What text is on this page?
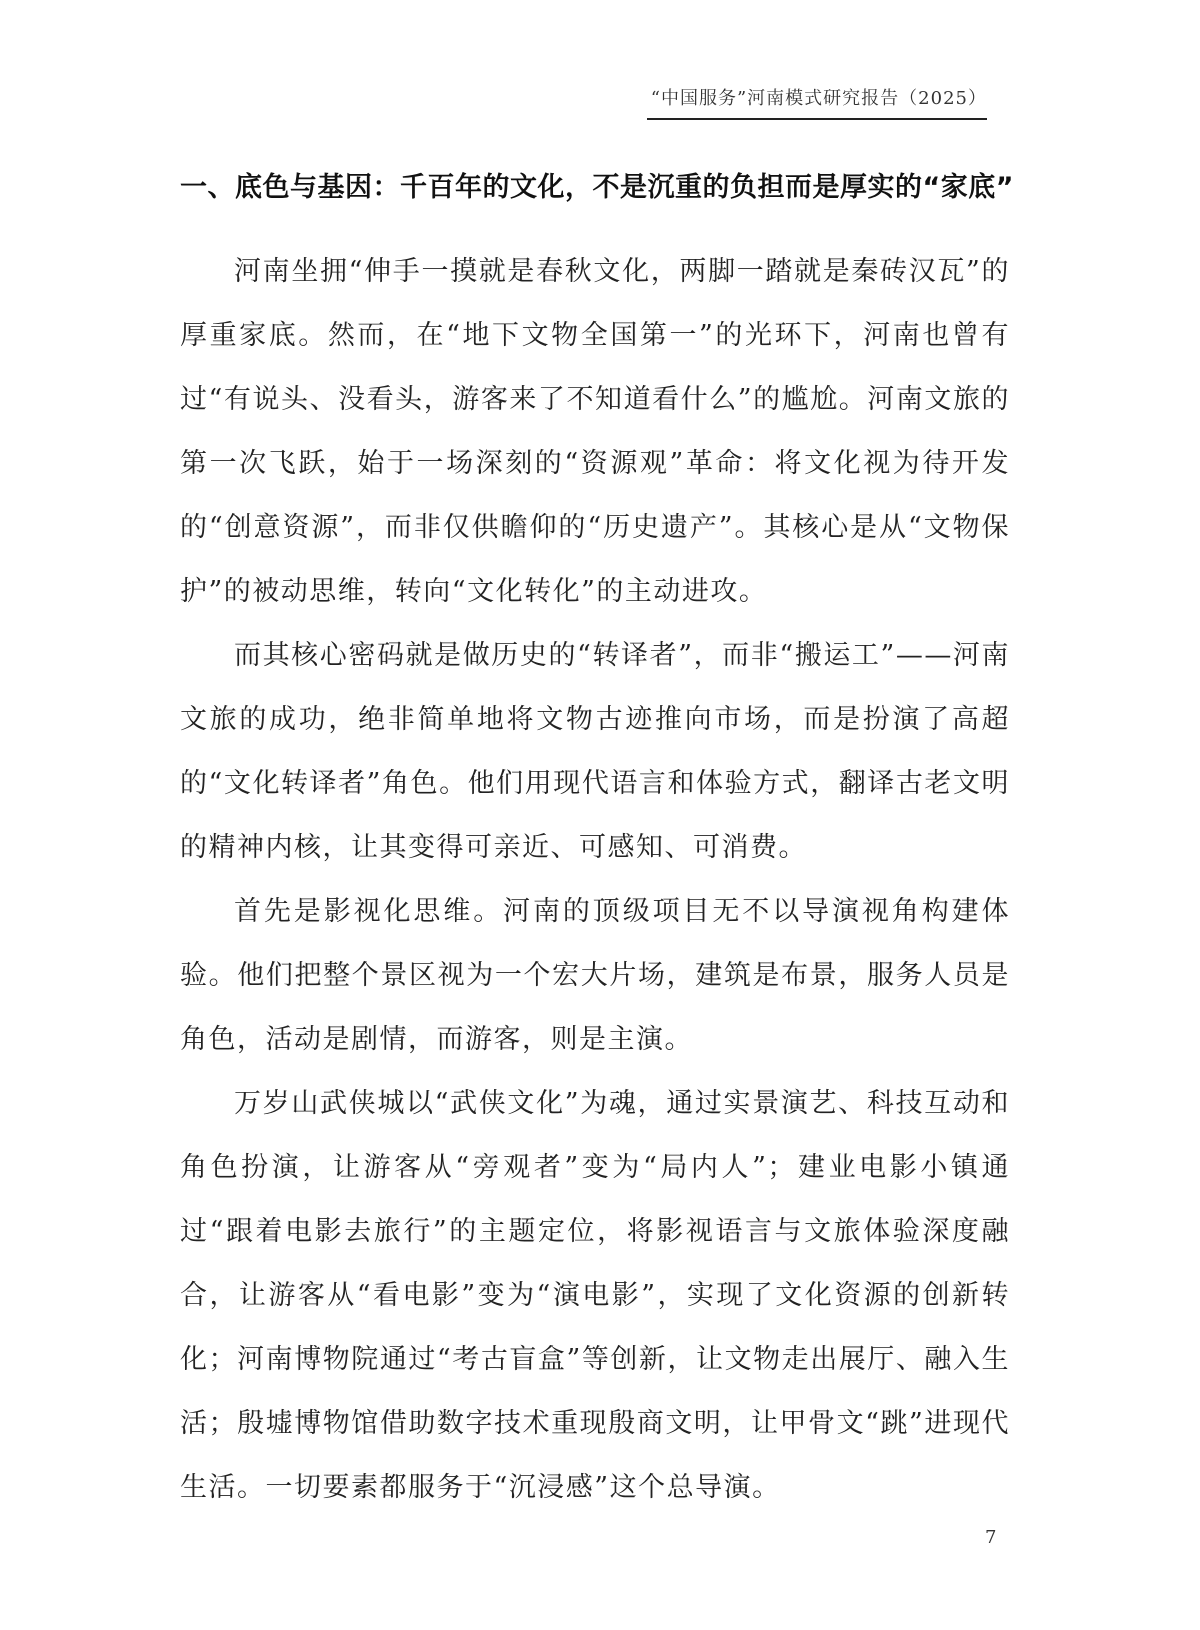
“中国服务”河南模式研究报告（2025）
一、底色与基因：千百年的文化，不是沉重的负担而是厚实的“家底”

河南坐拥“伸手一摸就是春秋文化，两脚一踏就是秦砖汉瓦”的厚重家底。然而，在“地下文物全国第一”的光环下，河南也曾有过“有说头、没看头，游客来了不知道看什么”的尴尬。河南文旅的第一次飞跃，始于一场深刻的“资源观”革命：将文化视为待开发的“创意资源”，而非仅供瞻仰的“历史遗产”。其核心是从“文物保护”的被动思维，转向“文化转化”的主动进攻。

而其核心密码就是做历史的“转译者”，而非“搬运工”——河南文旅的成功，绝非简单地将文物古迹推向市场，而是扮演了高超的“文化转译者”角色。他们用现代语言和体验方式，翻译古老文明的精神内核，让其变得可亲近、可感知、可消费。

首先是影视化思维。河南的顶级项目无不以导演视角构建体验。他们把整个景区视为一个宏大片场，建筑是布景，服务人员是角色，活动是剧情，而游客，则是主演。

万岁山武侠城以“武侠文化”为魂，通过实景演艺、科技互动和角色扮演，让游客从“旁观者”变为“局内人”；建业电影小镇通过“跟着电影去旅行”的主题定位，将影视语言与文旅体验深度融合，让游客从“看电影”变为“演电影”，实现了文化资源的创新转化；河南博物院通过“考古盲盒”等创新，让文物走出展厅、融入生活；殷墟博物馆借助数字技术重现殷商文明，让甲骨文“跳”进现代生活。一切要素都服务于“沉浸感”这个总导演。

7
